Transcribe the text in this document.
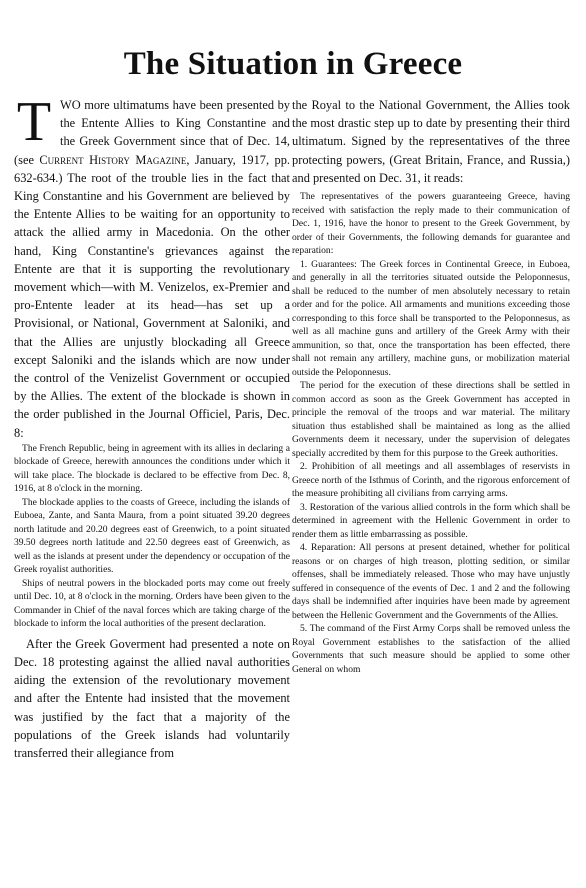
The Situation in Greece

TWO more ultimatums have been presented by the Entente Allies to King Constantine and the Greek Government since that of Dec. 14, (see Current History Magazine, January, 1917, pp. 632-634.) The root of the trouble lies in the fact that King Constantine and his Government are believed by the Entente Allies to be waiting for an opportunity to attack the allied army in Macedonia. On the other hand, King Constantine's grievances against the Entente are that it is supporting the revolutionary movement which—with M. Venizelos, ex-Premier and pro-Entente leader at its head—has set up a Provisional, or National, Government at Saloniki, and that the Allies are unjustly blockading all Greece except Saloniki and the islands which are now under the control of the Venizelist Government or occupied by the Allies. The extent of the blockade is shown in the order published in the Journal Officiel, Paris, Dec. 8:

The French Republic, being in agreement with its allies in declaring a blockade of Greece, herewith announces the conditions under which it will take place. The blockade is declared to be effective from Dec. 8, 1916, at 8 o'clock in the morning.

The blockade applies to the coasts of Greece, including the islands of Euboea, Zante, and Santa Maura, from a point situated 39.20 degrees north latitude and 20.20 degrees east of Greenwich, to a point situated 39.50 degrees north latitude and 22.50 degrees east of Greenwich, as well as the islands at present under the dependency or occupation of the Greek royalist authorities.

Ships of neutral powers in the blockaded ports may come out freely until Dec. 10, at 8 o'clock in the morning. Orders have been given to the Commander in Chief of the naval forces which are taking charge of the blockade to inform the local authorities of the present declaration.

After the Greek Goverment had presented a note on Dec. 18 protesting against the allied naval authorities aiding the extension of the revolutionary movement and after the Entente had insisted that the movement was justified by the fact that a majority of the populations of the Greek islands had voluntarily transferred their allegiance from

the Royal to the National Government, the Allies took the most drastic step up to date by presenting their third ultimatum. Signed by the representatives of the three protecting powers, (Great Britain, France, and Russia,) and presented on Dec. 31, it reads:

The representatives of the powers guaranteeing Greece, having received with satisfaction the reply made to their communication of Dec. 1, 1916, have the honor to present to the Greek Government, by order of their Governments, the following demands for guarantee and reparation:

1. Guarantees: The Greek forces in Continental Greece, in Euboea, and generally in all the territories situated outside the Peloponnesus, shall be reduced to the number of men absolutely necessary to retain order and for the police. All armaments and munitions exceeding those corresponding to this force shall be transported to the Peloponnesus, as well as all machine guns and artillery of the Greek Army with their ammunition, so that, once the transportation has been effected, there shall not remain any artillery, machine guns, or mobilization material outside the Peloponnesus.

The period for the execution of these directions shall be settled in common accord as soon as the Greek Government has accepted in principle the removal of the troops and war material. The military situation thus established shall be maintained as long as the allied Governments deem it necessary, under the supervision of delegates specially accredited by them for this purpose to the Greek authorities.

2. Prohibition of all meetings and all assemblages of reservists in Greece north of the Isthmus of Corinth, and the rigorous enforcement of the measure prohibiting all civilians from carrying arms.

3. Restoration of the various allied controls in the form which shall be determined in agreement with the Hellenic Government in order to render them as little embarrassing as possible.

4. Reparation: All persons at present detained, whether for political reasons or on charges of high treason, plotting sedition, or similar offenses, shall be immediately released. Those who may have unjustly suffered in consequence of the events of Dec. 1 and 2 and the following days shall be indemnified after inquiries have been made by agreement between the Hellenic Government and the Governments of the Allies.

5. The command of the First Army Corps shall be removed unless the Royal Government establishes to the satisfaction of the allied Governments that such measure should be applied to some other General on whom
